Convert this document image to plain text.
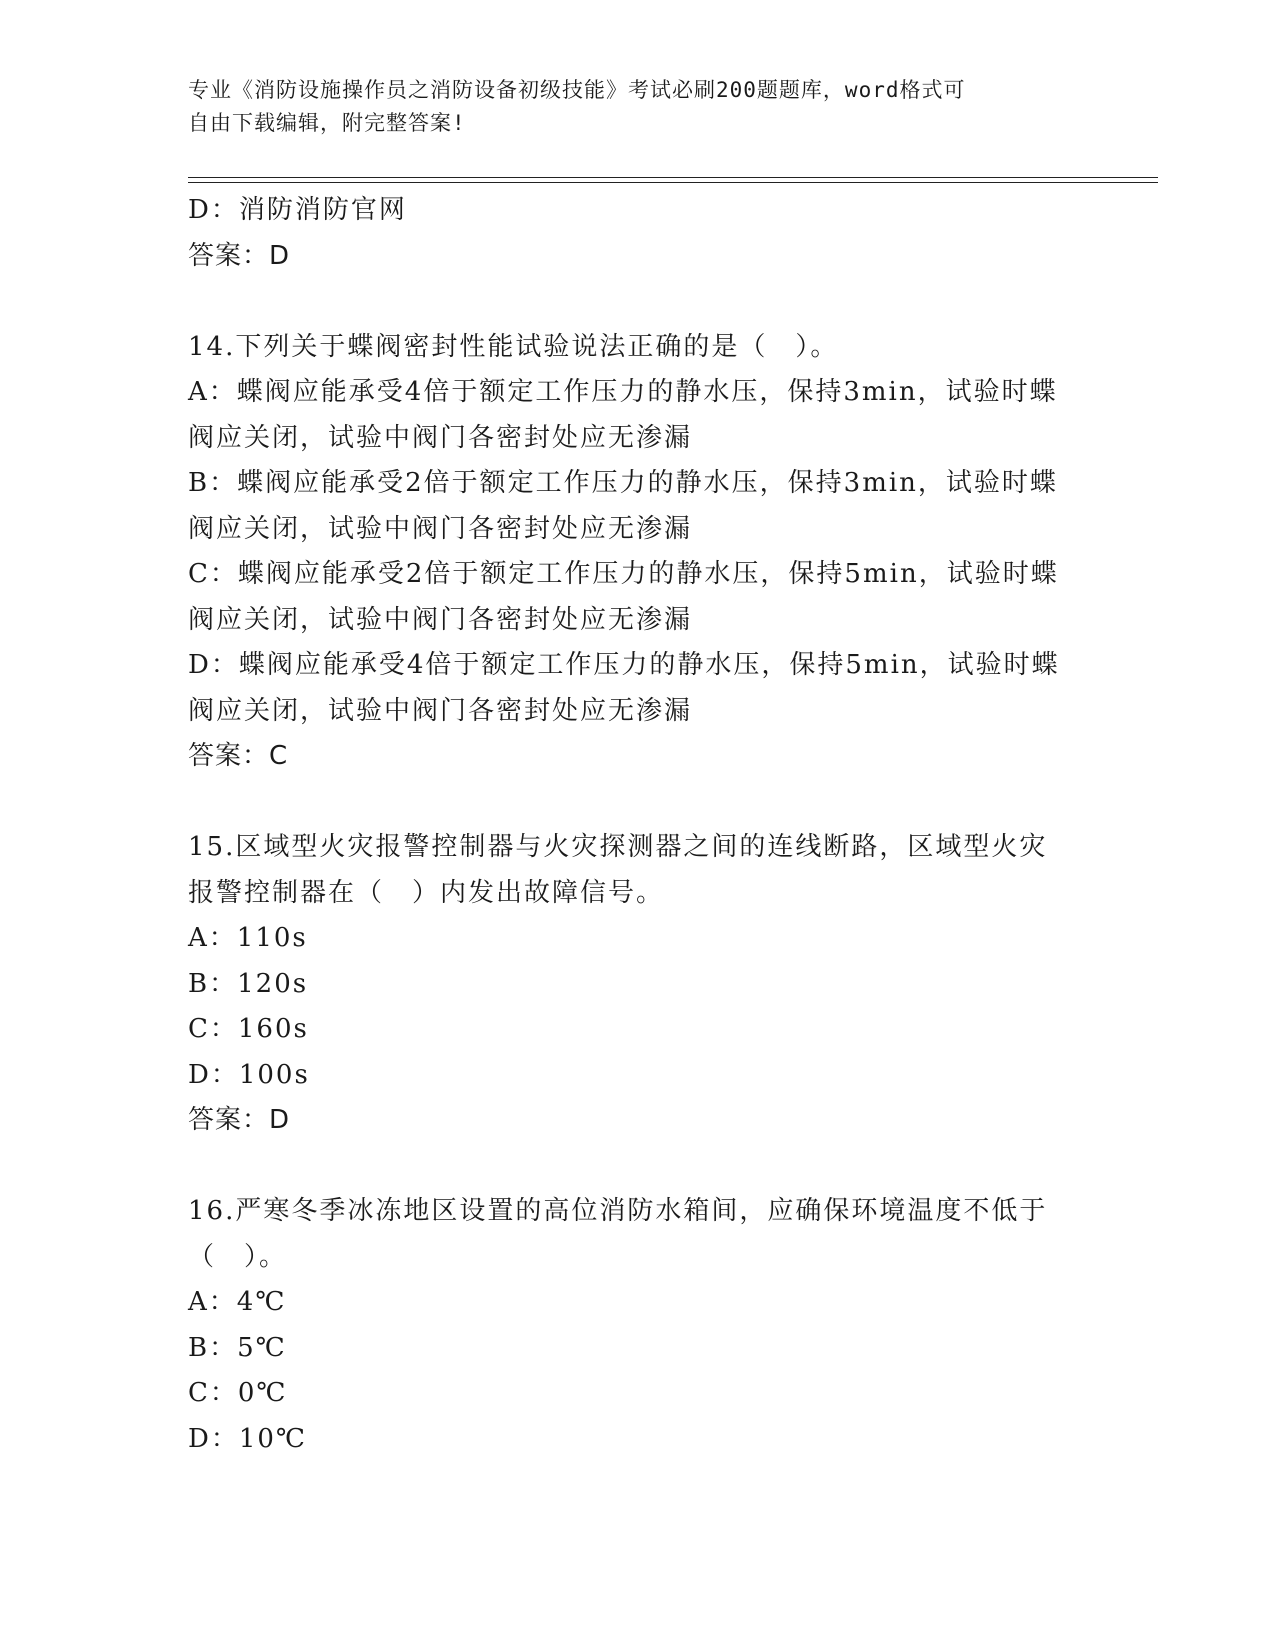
专业《消防设施操作员之消防设备初级技能》考试必刷200题题库，word格式可
自由下载编辑，附完整答案!
D：消防消防官网
答案：D
14.下列关于蝶阀密封性能试验说法正确的是（　）。
A：蝶阀应能承受4倍于额定工作压力的静水压，保持3min，试验时蝶
阀应关闭，试验中阀门各密封处应无渗漏
B：蝶阀应能承受2倍于额定工作压力的静水压，保持3min，试验时蝶
阀应关闭，试验中阀门各密封处应无渗漏
C：蝶阀应能承受2倍于额定工作压力的静水压，保持5min，试验时蝶
阀应关闭，试验中阀门各密封处应无渗漏
D：蝶阀应能承受4倍于额定工作压力的静水压，保持5min，试验时蝶
阀应关闭，试验中阀门各密封处应无渗漏
答案：C
15.区域型火灾报警控制器与火灾探测器之间的连线断路，区域型火灾
报警控制器在（　）内发出故障信号。
A：110s
B：120s
C：160s
D：100s
答案：D
16.严寒冬季冰冻地区设置的高位消防水箱间，应确保环境温度不低于
（　）。
A：4℃
B：5℃
C：0℃
D：10℃
